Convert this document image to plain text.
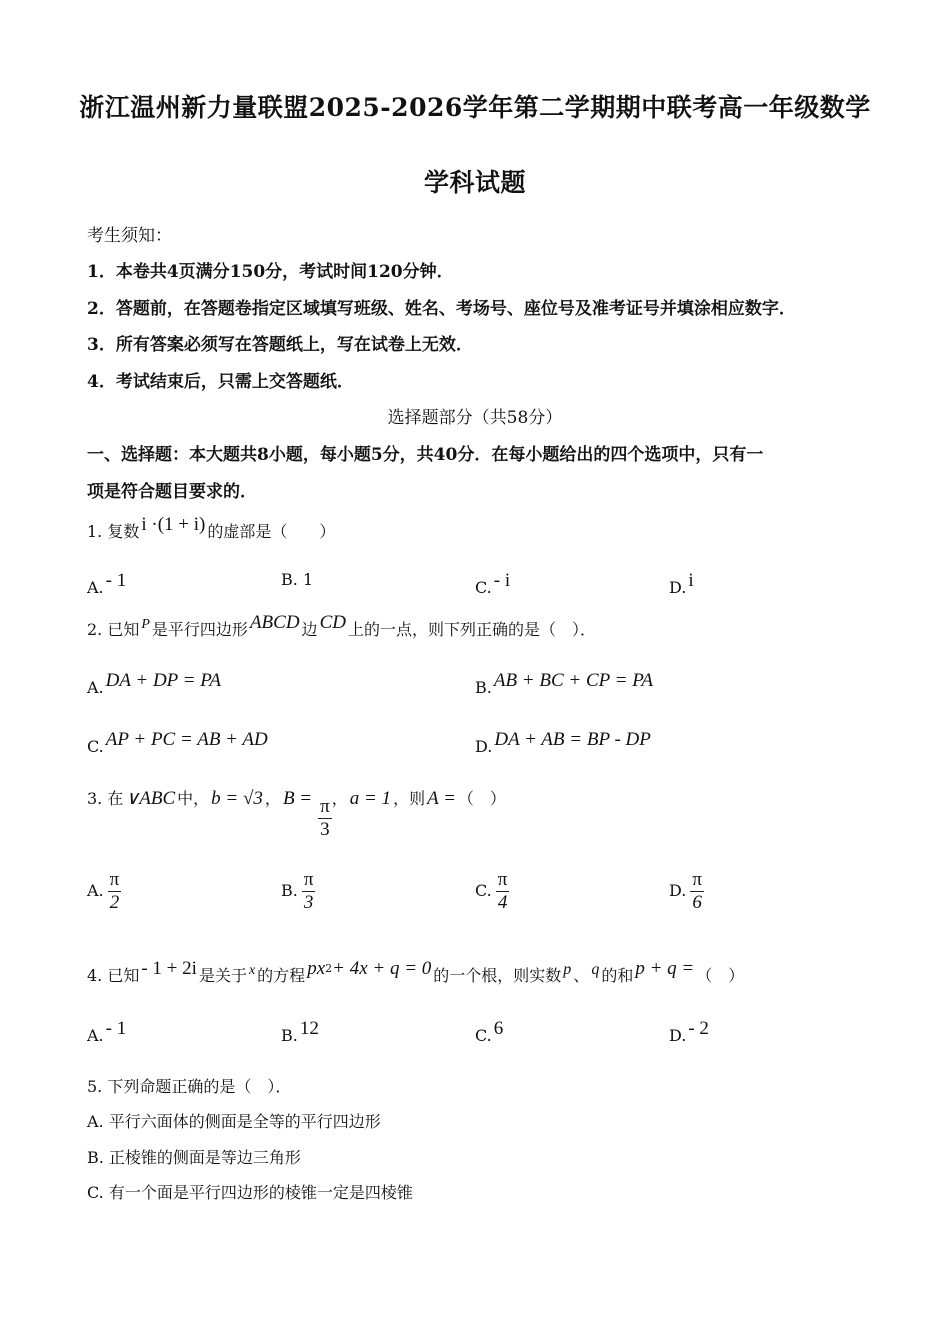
浙江温州新力量联盟2025-2026学年第二学期期中联考高一年级数学
学科试题
考生须知：
1．本卷共4页满分150分，考试时间120分钟．
2．答题前，在答题卷指定区域填写班级、姓名、考场号、座位号及准考证号并填涂相应数字．
3．所有答案必须写在答题纸上，写在试卷上无效．
4．考试结束后，只需上交答题纸．
选择题部分（共58分）
一、选择题：本大题共8小题，每小题5分，共40分．在每小题给出的四个选项中，只有一
项是符合题目要求的．
1. 复数 i ·(1 + i) 的虚部是（　　）
A. - 1	B. 1	C. - i	D. i
2. 已知 P 是平行四边形 ABCD 边 CD 上的一点，则下列正确的是（　）．
A. DA + DP = PA	B. AB + BC + CP = PA
C. AP + PC = AB + AD	D. DA + AB = BP - DP
3. 在 ∨ABC 中， b = √3 ， $B = \frac{\pi}{3}$ ， a = 1 ，则 A = （　）
A. $\frac{\pi}{2}$	B. $\frac{\pi}{3}$	C. $\frac{\pi}{4}$	D. $\frac{\pi}{6}$
4. 已知 - 1 + 2i 是关于 x 的方程 $px^2+ 4x + q = 0$ 的一个根，则实数 p 、 q 的和 p + q = （　）
A. - 1	B. 12	C. 6	D. - 2
5. 下列命题正确的是（　）．
A. 平行六面体的侧面是全等的平行四边形
B. 正棱锥的侧面是等边三角形
C. 有一个面是平行四边形的棱锥一定是四棱锥
